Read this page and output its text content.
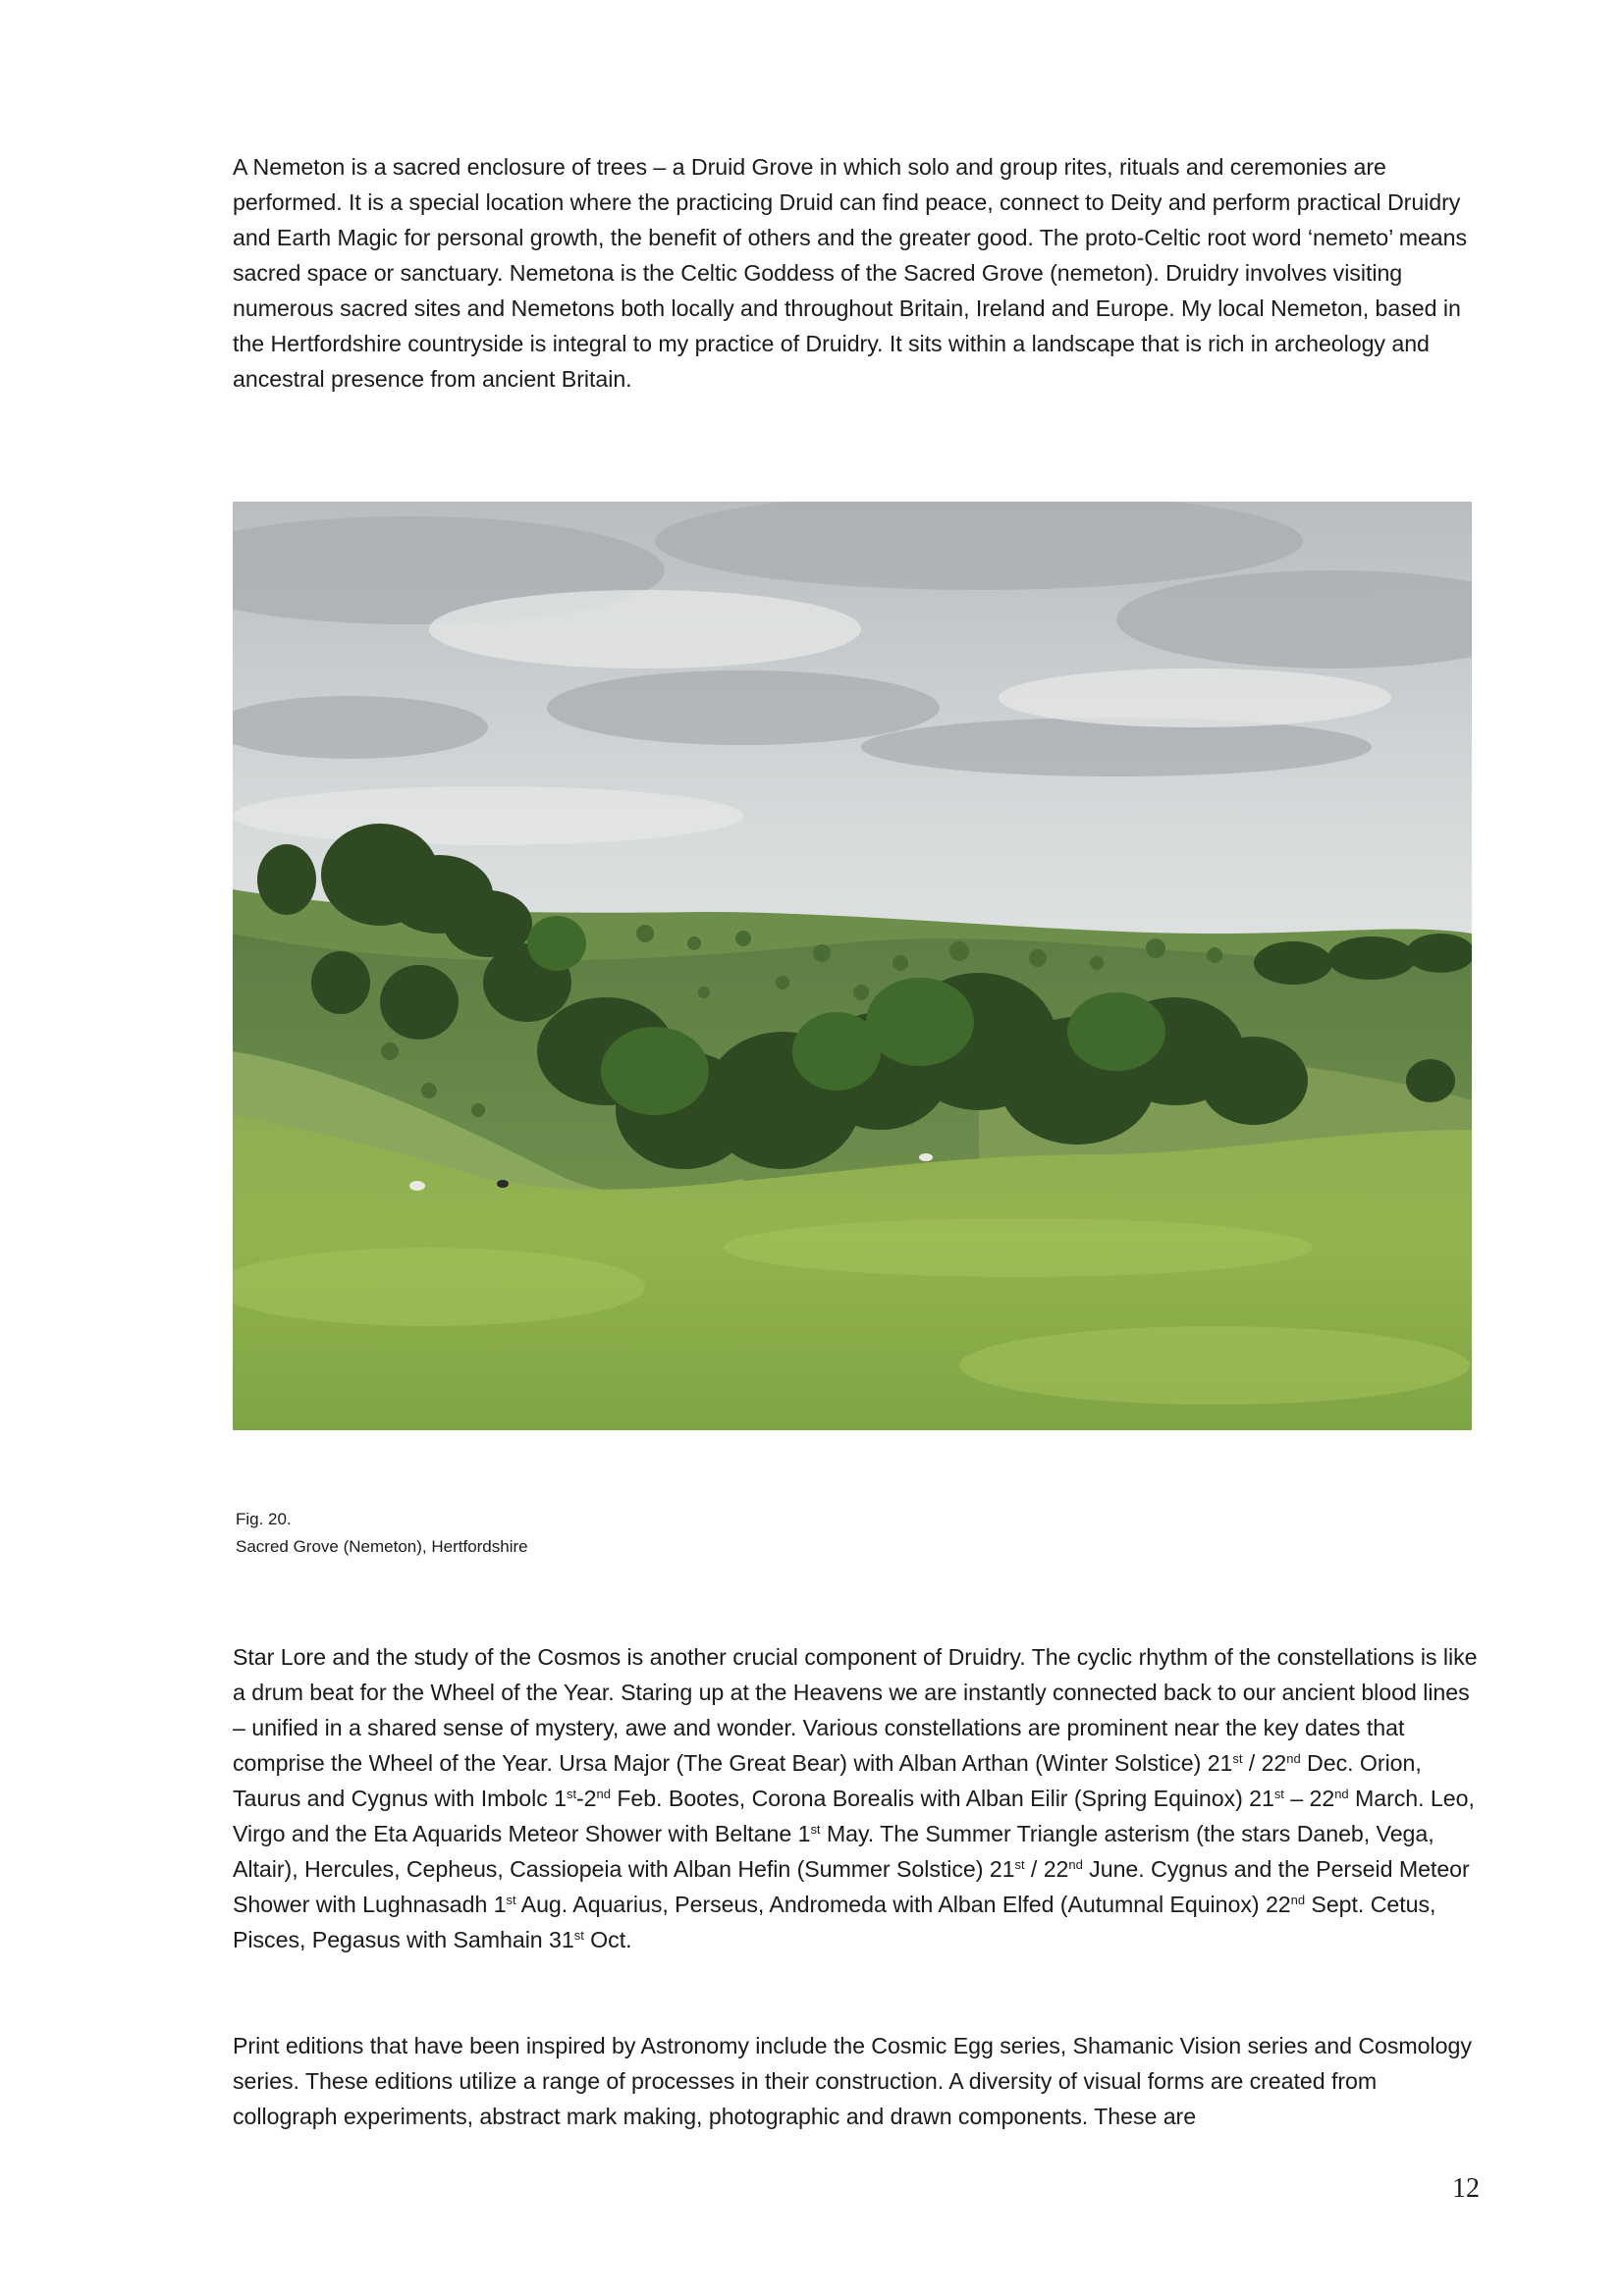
A Nemeton is a sacred enclosure of trees – a Druid Grove in which solo and group rites, rituals and ceremonies are performed. It is a special location where the practicing Druid can find peace, connect to Deity and perform practical Druidry and Earth Magic for personal growth, the benefit of others and the greater good. The proto-Celtic root word ‘nemeto’ means sacred space or sanctuary. Nemetona is the Celtic Goddess of the Sacred Grove (nemeton). Druidry involves visiting numerous sacred sites and Nemetons both locally and throughout Britain, Ireland and Europe. My local Nemeton, based in the Hertfordshire countryside is integral to my practice of Druidry. It sits within a landscape that is rich in archeology and ancestral presence from ancient Britain.

Fig. 20.

Sacred Grove (Nemeton), Hertfordshire

Star Lore and the study of the Cosmos is another crucial component of Druidry. The cyclic rhythm of the constellations is like a drum beat for the Wheel of the Year. Staring up at the Heavens we are instantly connected back to our ancient blood lines – unified in a shared sense of mystery, awe and wonder. Various constellations are prominent near the key dates that comprise the Wheel of the Year. Ursa Major (The Great Bear) with Alban Arthan (Winter Solstice) 21st / 22nd Dec. Orion, Taurus and Cygnus with Imbolc 1st-2nd Feb. Bootes, Corona Borealis with Alban Eilir (Spring Equinox) 21st – 22nd March. Leo, Virgo and the Eta Aquarids Meteor Shower with Beltane 1st May. The Summer Triangle asterism (the stars Daneb, Vega, Altair), Hercules, Cepheus, Cassiopeia with Alban Hefin (Summer Solstice) 21st / 22nd June. Cygnus and the Perseid Meteor Shower with Lughnasadh 1st Aug. Aquarius, Perseus, Andromeda with Alban Elfed (Autumnal Equinox) 22nd Sept. Cetus, Pisces, Pegasus with Samhain 31st Oct.

Print editions that have been inspired by Astronomy include the Cosmic Egg series, Shamanic Vision series and Cosmology series. These editions utilize a range of processes in their construction. A diversity of visual forms are created from collograph experiments, abstract mark making, photographic and drawn components. These are

12
